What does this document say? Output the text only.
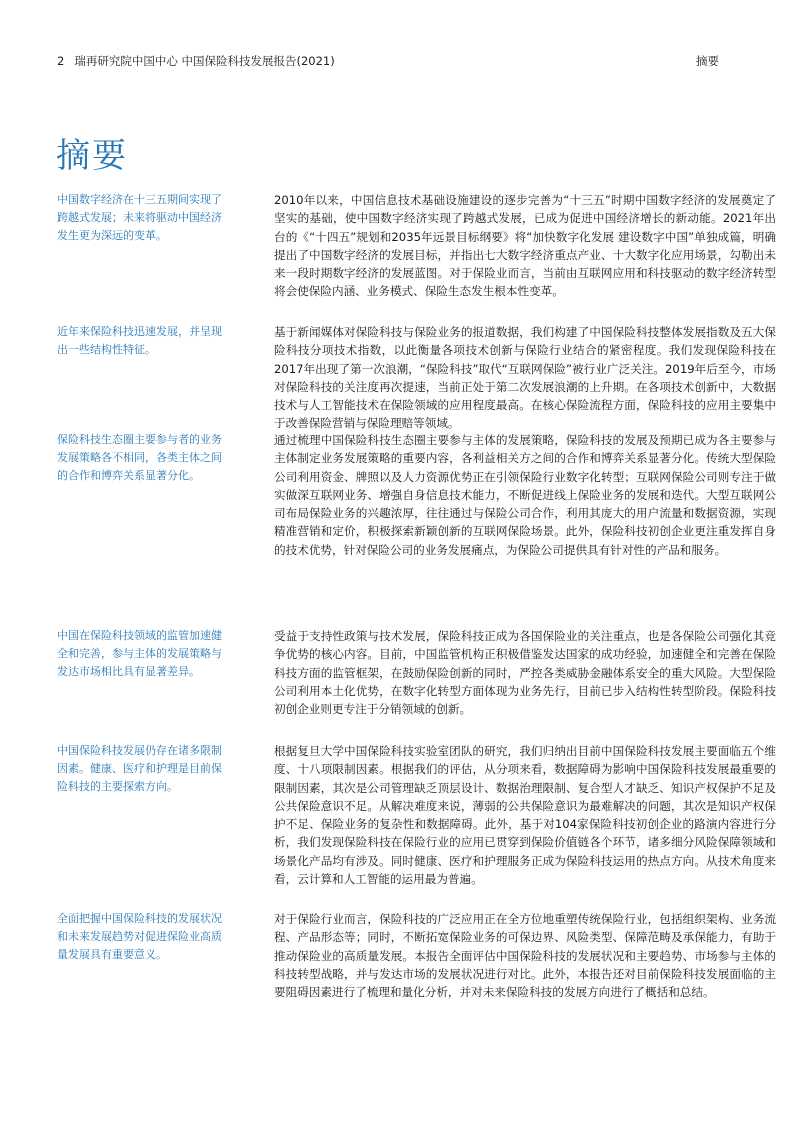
2 瑞再研究院中国中心 中国保险科技发展报告(2021)	摘要
摘要
中国数字经济在十三五期间实现了跨越式发展；未来将驱动中国经济发生更为深远的变革。
2010年以来，中国信息技术基础设施建设的逐步完善为“十三五”时期中国数字经济的发展奠定了坚实的基础，使中国数字经济实现了跨越式发展，已成为促进中国经济增长的新动能。2021年出台的《“十四五”规划和2035年远景目标纲要》将“加快数字化发展 建设数字中国”单独成篇，明确提出了中国数字经济的发展目标，并指出七大数字经济重点产业、十大数字化应用场景，勾勒出未来一段时期数字经济的发展蓝图。对于保险业而言，当前由互联网应用和科技驱动的数字经济转型将会使保险内涵、业务模式、保险生态发生根本性变革。
近年来保险科技迅速发展，并呈现出一些结构性特征。
基于新闻媒体对保险科技与保险业务的报道数据，我们构建了中国保险科技整体发展指数及五大保险科技分项技术指数，以此衡量各项技术创新与保险行业结合的紧密程度。我们发现保险科技在2017年出现了第一次浪潮，“保险科技”取代“互联网保险”被行业广泛关注。2019年后至今，市场对保险科技的关注度再次提速，当前正处于第二次发展浪潮的上升期。在各项技术创新中，大数据技术与人工智能技术在保险领域的应用程度最高。在核心保险流程方面，保险科技的应用主要集中于改善保险营销与保险理赔等领域。
保险科技生态圈主要参与者的业务发展策略各不相同，各类主体之间的合作和博弈关系显著分化。
通过梳理中国保险科技生态圈主要参与主体的发展策略，保险科技的发展及预期已成为各主要参与主体制定业务发展策略的重要内容，各利益相关方之间的合作和博弈关系显著分化。传统大型保险公司利用资金、牌照以及人力资源优势正在引领保险行业数字化转型；互联网保险公司则专注于做实做深互联网业务、增强自身信息技术能力，不断促进线上保险业务的发展和迭代。大型互联网公司布局保险业务的兴趣浓厚，往往通过与保险公司合作，利用其庞大的用户流量和数据资源，实现精准营销和定价，积极探索新颖创新的互联网保险场景。此外，保险科技初创企业更注重发挥自身的技术优势，针对保险公司的业务发展痛点，为保险公司提供具有针对性的产品和服务。
中国在保险科技领域的监管加速健全和完善，参与主体的发展策略与发达市场相比具有显著差异。
受益于支持性政策与技术发展，保险科技正成为各国保险业的关注重点，也是各保险公司强化其竞争优势的核心内容。目前，中国监管机构正积极借鉴发达国家的成功经验，加速健全和完善在保险科技方面的监管框架，在鼓励保险创新的同时，严控各类威胁金融体系安全的重大风险。大型保险公司利用本土化优势，在数字化转型方面体现为业务先行，目前已步入结构性转型阶段。保险科技初创企业则更专注于分销领域的创新。
中国保险科技发展仍存在诸多限制因素。健康、医疗和护理是目前保险科技的主要探索方向。
根据复旦大学中国保险科技实验室团队的研究，我们归纳出目前中国保险科技发展主要面临五个维度、十八项限制因素。根据我们的评估，从分项来看，数据障碍为影响中国保险科技发展最重要的限制因素，其次是公司管理缺乏顶层设计、数据治理限制、复合型人才缺乏、知识产权保护不足及公共保险意识不足。从解决难度来说，薄弱的公共保险意识为最难解决的问题，其次是知识产权保护不足、保险业务的复杂性和数据障碍。此外，基于对104家保险科技初创企业的路演内容进行分析，我们发现保险科技在保险行业的应用已贯穿到保险价值链各个环节，诸多细分风险保障领域和场景化产品均有涉及。同时健康、医疗和护理服务正成为保险科技运用的热点方向。从技术角度来看，云计算和人工智能的运用最为普遍。
全面把握中国保险科技的发展状况和未来发展趋势对促进保险业高质量发展具有重要意义。
对于保险行业而言，保险科技的广泛应用正在全方位地重塑传统保险行业，包括组织架构、业务流程、产品形态等；同时，不断拓宽保险业务的可保边界、风险类型、保障范畴及承保能力，有助于推动保险业的高质量发展。本报告全面评估中国保险科技的发展状况和主要趋势、市场参与主体的科技转型战略，并与发达市场的发展状况进行对比。此外，本报告还对目前保险科技发展面临的主要阻碍因素进行了梳理和量化分析，并对未来保险科技的发展方向进行了概括和总结。
